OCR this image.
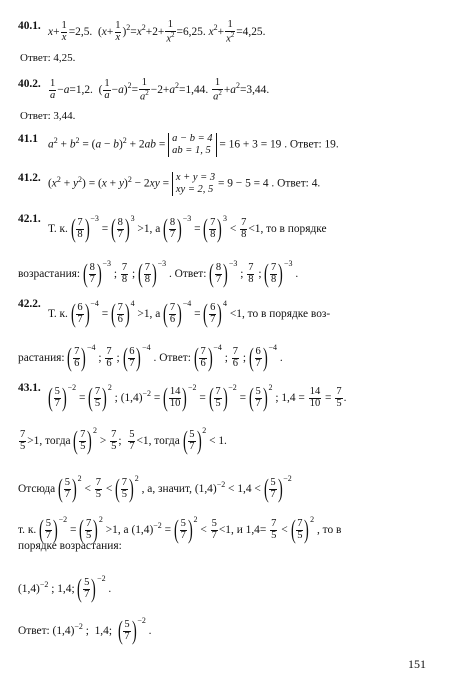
40.1. $x+ \frac{1}{x} =2,5$.  $(x+ \frac{1}{x} )^2=x^2+2+ \frac{1}{x^2} =6,25$. $x^2+ \frac{1}{x^2} =4,25$.
Ответ: 4,25.
40.2. $\frac{1}{a} -a=1,2$.  ( $\frac{1}{a} -a)^2= \frac{1}{a^2} -2+a^2=1,44$. $\frac{1}{a^2} +a^2=3,44$.
Ответ: 3,44.
41.1 $a^2 + b^2 = (a - b)^2 + 2ab$ =
a − b = 4
ab = 1, 5 = 16 + 3 = 19 . Ответ: 19.
41.2. $(x^2 + y^2) = (x + y)^2 - 2xy$ =
x + y = 3
xy = 2, 5 = 9 − 5 = 4 . Ответ: 4.
42.1.
Т. к. ( $\frac{7}{8}$ ) $^{-3}$ = ( $\frac{8}{7}$ ) $^3$ >1, а ( $\frac{8}{7}$ ) $^{-3}$ = ( $\frac{7}{8}$ ) $^3 < \frac{7}{8} <1$, то в порядке
возрастания: ( $\frac{8}{7}$ ) $^{-3}$ ; $\frac{7}{8}$ ; ( $\frac{7}{8}$ ) $^{-3}$ . Ответ: ( $\frac{8}{7}$ ) $^{-3}$ ; $\frac{7}{8}$ ; ( $\frac{7}{8}$ ) $^{-3}$ .
42.2.
Т. к. ( $\frac{6}{7}$ ) $^{-4}$ = ( $\frac{7}{6}$ ) $^4$ >1, а ( $\frac{7}{6}$ ) $^{-4}$ = ( $\frac{6}{7}$ ) $^4$ <1, то в порядке воз-
растания: ( $\frac{7}{6}$ ) $^{-4}$ ; $\frac{7}{6}$ ; ( $\frac{6}{7}$ ) $^{-4}$ . Ответ: ( $\frac{7}{6}$ ) $^{-4}$ ; $\frac{7}{6}$ ; ( $\frac{6}{7}$ ) $^{-4}$ .
43.1. ( $\frac{5}{7}$ ) $^{-2}$ = ( $\frac{7}{5}$ ) $^2$ ; $(1,4)^{-2}$ = ( $\frac{14}{10}$ ) $^{-2}$ = ( $\frac{7}{5}$ ) $^{-2}$ = ( $\frac{5}{7}$ ) $^2$ ; $1,4 = \frac{14}{10} = \frac{7}{5}$ .
$\frac{7}{5} >1$, тогда ( $\frac{7}{5}$ ) $^2 > \frac{7}{5}$ ; $\frac{5}{7} <1$, тогда ( $\frac{5}{7}$ ) $^2$ < 1.
Отсюда ( $\frac{5}{7}$ ) $^2 < \frac{7}{5}$ < ( $\frac{7}{5}$ ) $^2$ , а, значит, $(1,4)^{-2} < 1,4$ < ( $\frac{5}{7}$ ) $^{-2}$
т. к. ( $\frac{5}{7}$ ) $^{-2}$ = ( $\frac{7}{5}$ ) $^2$ >1, а $(1,4)^{-2}$ = ( $\frac{5}{7}$ ) $^2 < \frac{5}{7} <1$, и $1,4= \frac{7}{5}$ < ( $\frac{7}{5}$ ) $^2$ , то в
порядке возрастания:
$(1,4)^{-2}$ ; 1,4; ( $\frac{5}{7}$ ) $^{-2}$ .
Ответ: $(1,4)^{-2}$ ;  1,4; ( $\frac{5}{7}$ ) $^{-2}$ .
151
